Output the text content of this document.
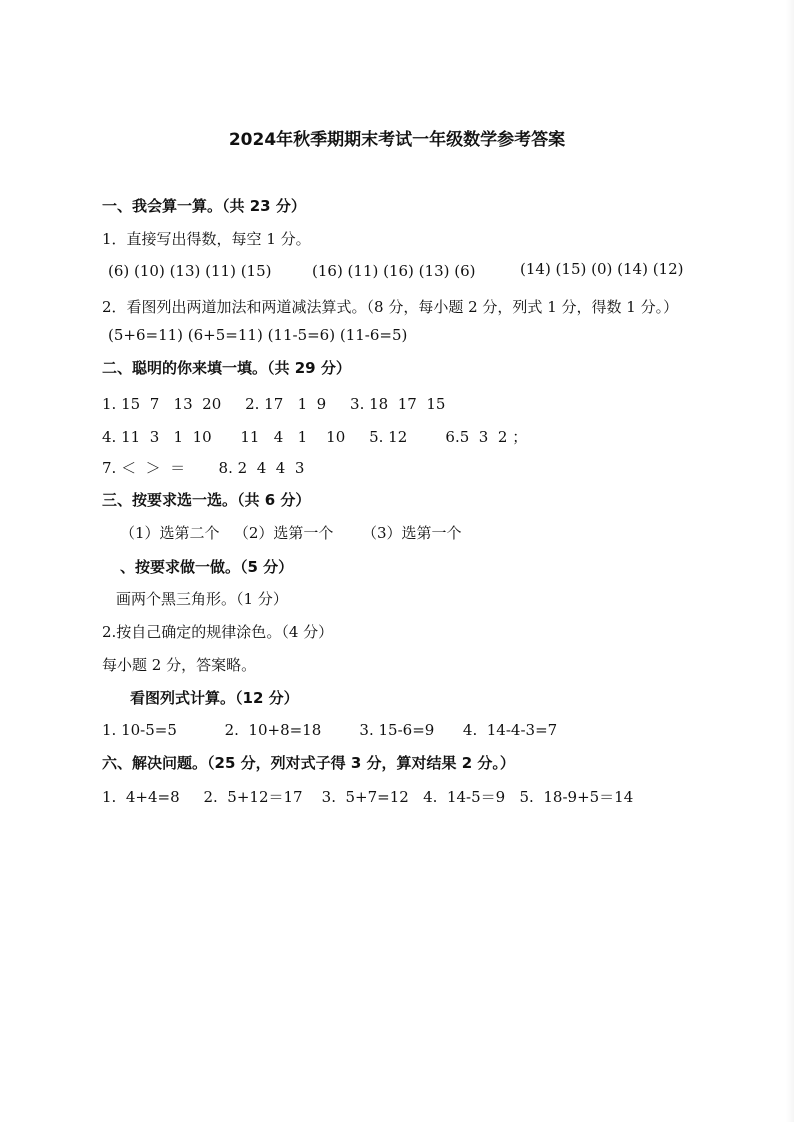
2024年秋季期期末考试一年级数学参考答案
一、我会算一算。（共 23 分）
1．直接写出得数，每空 1 分。
(6) (10) (13) (11) (15)	(16) (11) (16) (13) (6)	(14) (15) (0) (14) (12)
2．看图列出两道加法和两道减法算式。（8 分，每小题 2 分，列式 1 分，得数 1 分。）
(5+6=11) (6+5=11) (11-5=6) (11-6=5)
二、聪明的你来填一填。（共 29 分）
1. 15  7   13  20     2. 17   1  9     3. 18  17  15
4. 11  3   1  10      11   4   1    10     5. 12        6.5  3  2 ；
7. ＜  ＞  ＝       8. 2  4  4  3
三、按要求选一选。（共 6 分）
（1）选第二个   （2）选第一个      （3）选第一个
、按要求做一做。（5 分）
画两个黑三角形。（1 分）
2.按自己确定的规律涂色。（4 分）
每小题 2 分，答案略。
看图列式计算。（12 分）
1. 10-5=5          2.  10+8=18        3. 15-6=9      4.  14-4-3=7
六、解决问题。（25 分，列对式子得 3 分，算对结果 2 分。）
1.  4+4=8     2.  5+12＝17    3.  5+7=12   4.  14-5＝9   5.  18-9+5＝14
